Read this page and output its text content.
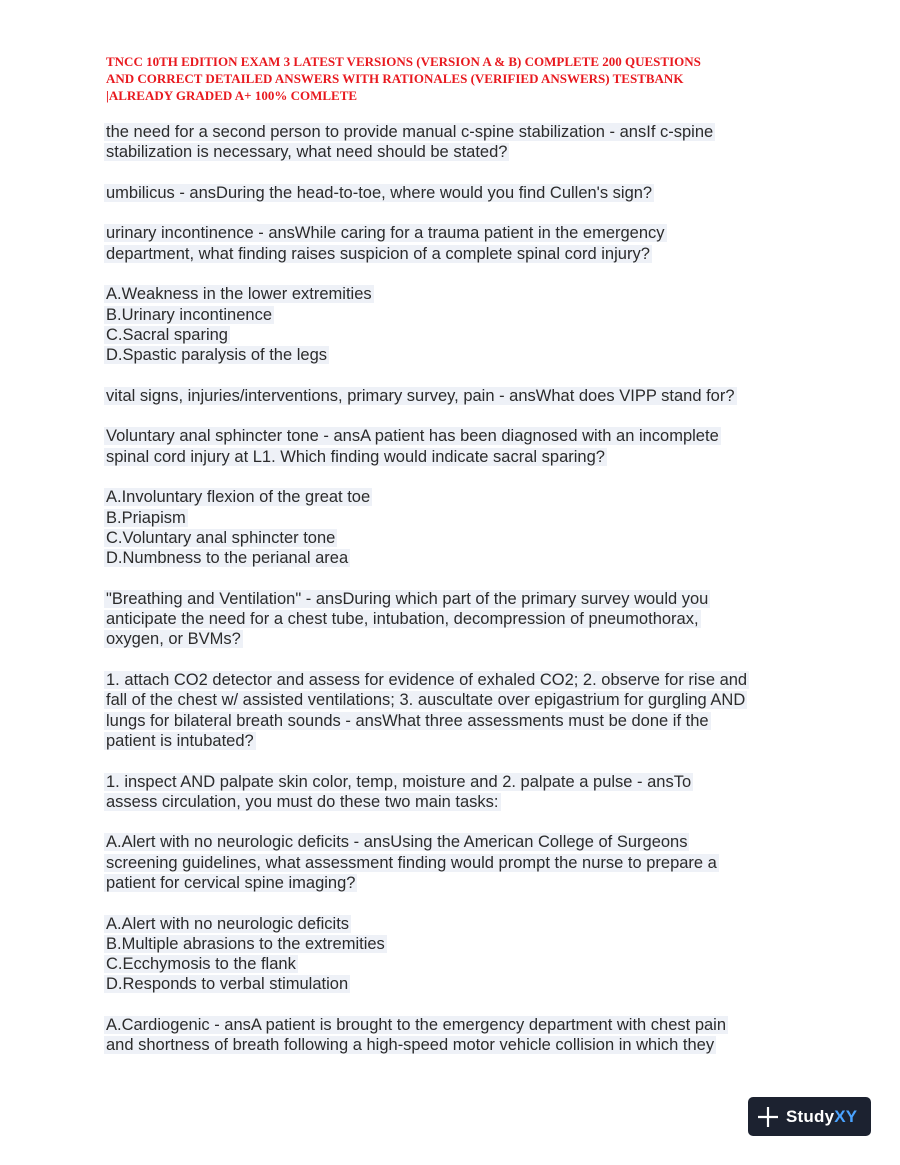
TNCC 10TH EDITION EXAM 3 LATEST VERSIONS (VERSION A & B) COMPLETE 200 QUESTIONS
AND CORRECT DETAILED ANSWERS WITH RATIONALES (VERIFIED ANSWERS) TESTBANK
|ALREADY GRADED A+ 100% COMLETE
the need for a second person to provide manual c-spine stabilization - ansIf c-spine
stabilization is necessary, what need should be stated?
umbilicus - ansDuring the head-to-toe, where would you find Cullen's sign?
urinary incontinence - ansWhile caring for a trauma patient in the emergency
department, what finding raises suspicion of a complete spinal cord injury?
A.Weakness in the lower extremities
B.Urinary incontinence
C.Sacral sparing
D.Spastic paralysis of the legs
vital signs, injuries/interventions, primary survey, pain - ansWhat does VIPP stand for?
Voluntary anal sphincter tone - ansA patient has been diagnosed with an incomplete
spinal cord injury at L1. Which finding would indicate sacral sparing?
A.Involuntary flexion of the great toe
B.Priapism
C.Voluntary anal sphincter tone
D.Numbness to the perianal area
"Breathing and Ventilation" - ansDuring which part of the primary survey would you
anticipate the need for a chest tube, intubation, decompression of pneumothorax,
oxygen, or BVMs?
1. attach CO2 detector and assess for evidence of exhaled CO2; 2. observe for rise and
fall of the chest w/ assisted ventilations; 3. auscultate over epigastrium for gurgling AND
lungs for bilateral breath sounds - ansWhat three assessments must be done if the
patient is intubated?
1. inspect AND palpate skin color, temp, moisture and 2. palpate a pulse - ansTo
assess circulation, you must do these two main tasks:
A.Alert with no neurologic deficits - ansUsing the American College of Surgeons
screening guidelines, what assessment finding would prompt the nurse to prepare a
patient for cervical spine imaging?
A.Alert with no neurologic deficits
B.Multiple abrasions to the extremities
C.Ecchymosis to the flank
D.Responds to verbal stimulation
A.Cardiogenic - ansA patient is brought to the emergency department with chest pain
and shortness of breath following a high-speed motor vehicle collision in which they
StudyXY
